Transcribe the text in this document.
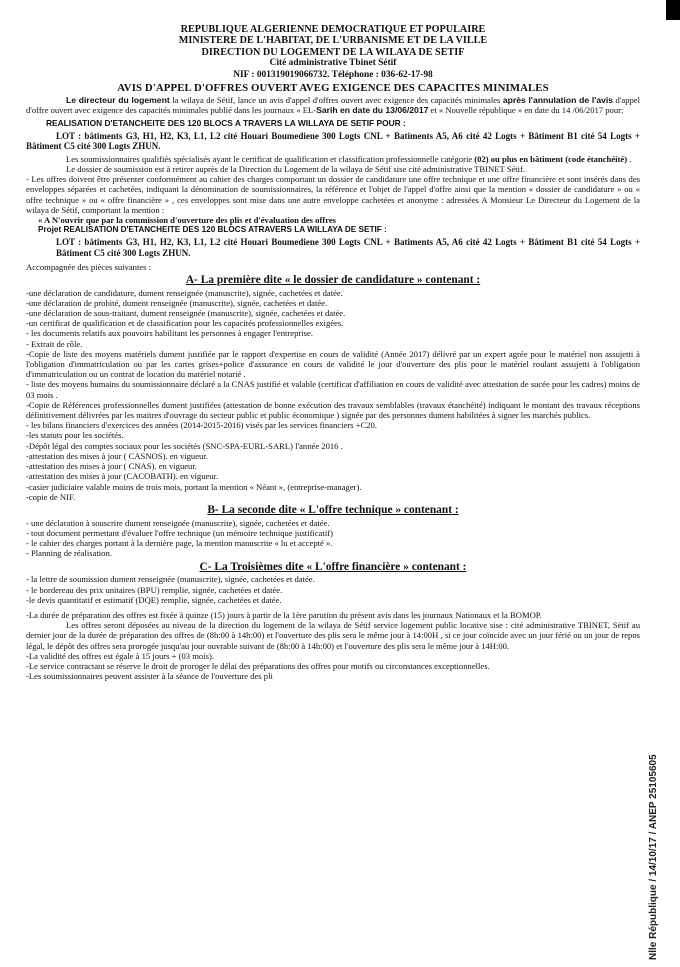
REPUBLIQUE ALGERIENNE DEMOCRATIQUE ET POPULAIRE

MINISTERE DE L'HABITAT, DE L'URBANISME ET DE LA VILLE

DIRECTION DU LOGEMENT DE LA WILAYA DE SETIF

Cité administrative Tbinet Sétif

NIF : 001319019066732. Téléphone : 036-62-17-98

AVIS D'APPEL D'OFFRES OUVERT AVEG EXIGENCE DES CAPACITES MINIMALES

Le directeur du logement la wilaya de Sétif, lance un avis d'appel d'offres ouvert avec exigence des capacités minimales après l'annulation de l'avis d'appel d'offre ouvert avec exigence des capacités minimales publié dans les journaux « EL-Sarih en date du 13/06/2017 et « Nouvelle république » en date du 14 /06/2017 pour:

REALISATION D'ETANCHEITE DES 120 BLOCS A TRAVERS LA WILLAYA DE SETIF POUR :

LOT : bâtiments G3, H1, H2, K3, L1, L2 cité Houari Boumediene 300 Logts CNL + Batiments A5, A6 cité 42 Logts + Bâtiment B1 cité 54 Logts + Bâtiment C5 cité 300 Logts ZHUN.

Les soumissionnaires qualifiés spécialisés ayant le certificat de qualification et classification professionnelle catégorie (02) ou plus en bâtiment (code étanchéité) .

Le dossier de soumission est à retirer auprès de la Direction du Logement de la wilaya de Sétif sise cité administrative TBINET Sétif.

- Les offres doivent être présenter conformément au cahier des charges comportant un dossier de candidature une offre technique et une offre financière et sont insérés dans des enveloppes séparées et cachetées, indiquant la dénomination de soumissionnaires, la référence et l'objet de l'appel d'offre ainsi que la mention « dossier de candidature » ou « offre technique » ou « offre financière » , ces enveloppes sont mise dans une autre enveloppe cachetées et anonyme : adressées A Monsieur Le Directeur du Logement de la wilaya de Sétif, comportant la mention :

« A N'ouvrir que par la commission d'ouverture des plis et d'évaluation des offres

Projet REALISATION D'ETANCHEITE DES 120 BLOCS ATRAVERS LA WILLAYA DE SETIF :

LOT : bâtiments G3, H1, H2, K3, L1, L2 cité Houari Boumediene 300 Logts CNL + Batiments A5, A6 cité 42 Logts + Bâtiment B1 cité 54 Logts + Bâtiment C5 cité 300 Logts ZHUN.

Accompagnée des pièces suivantes :

A- La première dite « le dossier de candidature » contenant :

-une déclaration de candidature, dument renseignée (manuscrite), signée, cachetées et datée.
-une déclaration de probité, dument renseignée (manuscrite), signée, cachetées et datée.
-une déclaration de sous-traitant, dument renseignée (manuscrite), signée, cachetées et datée.
-un certificat de qualification et de classification pour les capacités professionnelles exigées.
- les documents relatifs aux pouvoirs habilitant les personnes à engager l'entreprise.
- Extrait de rôle.
-Copie de liste des moyens matériels dument justifiée par le rapport d'expertise en cours de validité (Année 2017) délivré par un expert agrée pour le matériel non assujetti à l'obligation d'immatriculation ou par les cartes grises+police d'assurance en cours de validité le jour d'ouverture des plis pour le matériel roulant assujetti à l'obligation d'immatriculation ou un contrat de location du matériel notarié .
- liste des moyens humains du soumissionnaire déclaré a la CNAS justifié et valable (certificat d'affiliation en cours de validité avec attestation de sucée pour les cadres) moins de 03 mois .
-Copie de Références professionnelles dument justifiées (attestation de bonne exécution des travaux semblables (travaux étanchéité) indiquant le montant des travaux réceptions définitivement délivrées par les maitres d'ouvrage du secteur public et public économique ) signée par des personnes dument habilitées à signer les marchés publics.
- les bilans financiers d'exercices des années (2014-2015-2016) visés par les services financiers +C20.
-les statuts pour les sociétés.
-Dépôt légal des comptes sociaux pour les sociétés (SNC-SPA-EURL-SARL) l'année 2016 .
-attestation des mises à jour ( CASNOS). en vigueur.
-attestation des mises à jour ( CNAS). en vigueur.
-attestation des mises à jour (CACOBATH). en vigueur.
-casier judiciaire valable moins de trois mois, portant la mention « Néant », (entreprise-manager).
-copie de NIF.

B- La seconde dite « L'offre technique » contenant :

- une déclaration à souscrire dument renseignée (manuscrite), signée, cachetées et datée.
- tout document permettant d'évaluer l'offre technique (un mémoire technique justificatif)
- le cahier des charges portant à la dernière page, la mention manuscrite « lu et accepté ».
- Planning de réalisation.

C- La Troisièmes dite « L'offre financière » contenant :

- la lettre de soumission dument renseignée (manuscrite), signée, cachetées et datée.
- le bordereau des prix unitaires (BPU) remplie, signée, cachetées et datée.
-le devis quantitatif et estimatif (DQE) remplie, signée, cachetées et datée.

-La durée de préparation des offres est fixée à quinze (15) jours à partir de la 1ère parution du présent avis dans les journaux Nationaux et la BOMOP.

Les offres seront déposées au niveau de la direction du logement de la wilaya de Sétif service logement public locative sise : cité administrative TBINET, Sétif au dernier jour de la durée de préparation des offres de (8h:00 à 14h:00) et l'ouverture des plis sera le même jour à 14:00H , si ce jour coïncide avec un jour férié ou un jour de repos légal, le dépôt des offres sera prorogée jusqu'au jour ouvrable suivant de (8h:00 à 14h:00) et l'ouverture des plis sera le même jour à 14H:00.

-La validité des offres est égale à 15 jours + (03 mois).

-Le service contractant se réserve le droit de proroger le délai des préparations des offres pour motifs ou circonstances exceptionnelles.

-Les soumissionnaires peuvent assister à la séance de l'ouverture des pli

Nlle République / 14/10/17 / ANEP 25105605
